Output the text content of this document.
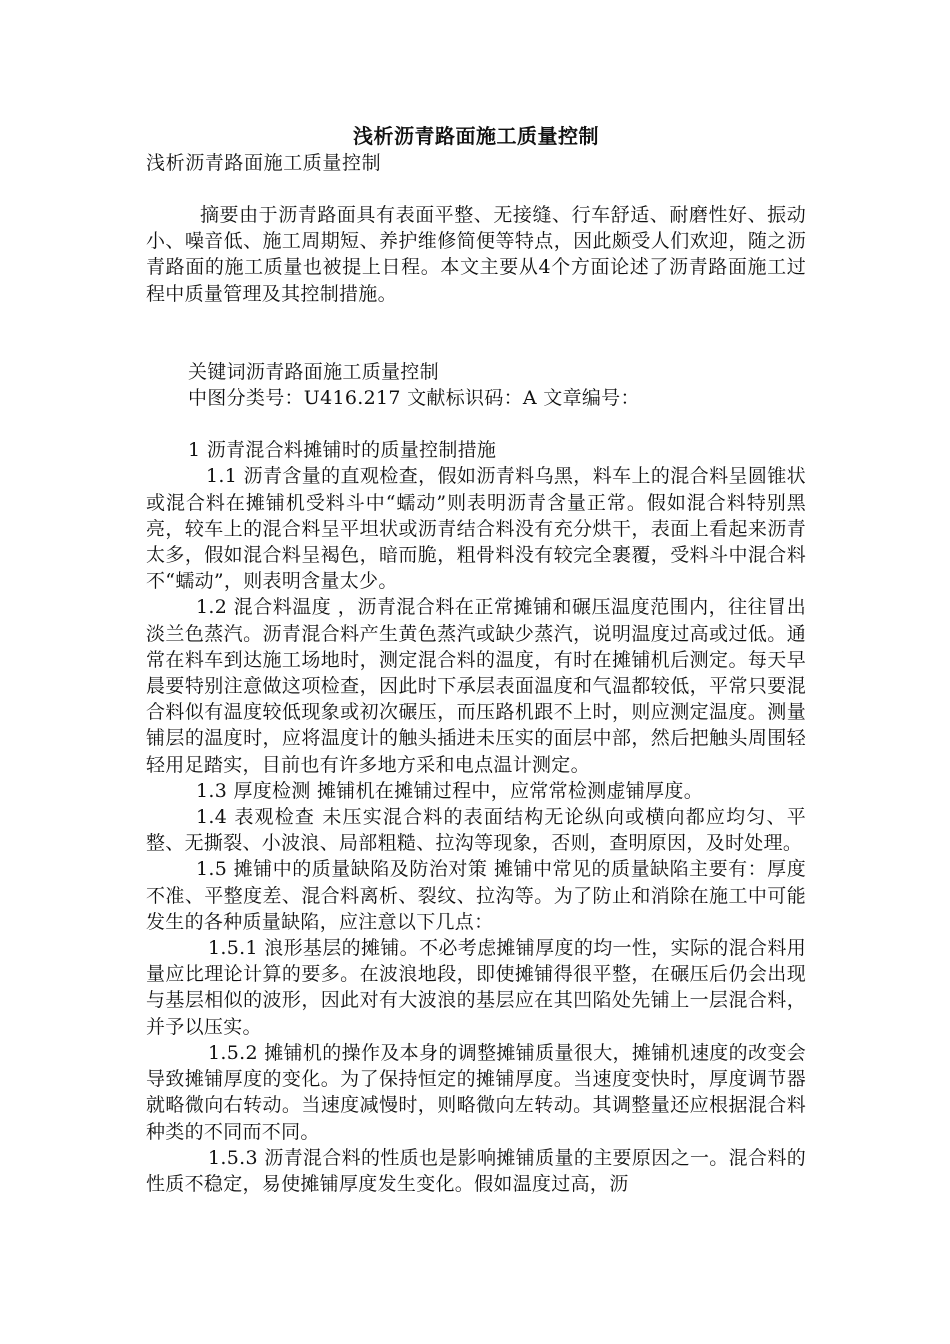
浅析沥青路面施工质量控制

浅析沥青路面施工质量控制

摘要由于沥青路面具有表面平整、无接缝、行车舒适、耐磨性好、振动小、噪音低、施工周期短、养护维修简便等特点，因此颇受人们欢迎，随之沥青路面的施工质量也被提上日程。本文主要从4个方面论述了沥青路面施工过程中质量管理及其控制措施。

关键词沥青路面施工质量控制

中图分类号：U416.217 文献标识码：A 文章编号：

1 沥青混合料摊铺时的质量控制措施

1.1 沥青含量的直观检查，假如沥青料乌黑，料车上的混合料呈圆锥状或混合料在摊铺机受料斗中“蠕动”则表明沥青含量正常。假如混合料特别黑亮，较车上的混合料呈平坦状或沥青结合料没有充分烘干，表面上看起来沥青太多，假如混合料呈褐色，暗而脆，粗骨料没有较完全裹覆，受料斗中混合料不“蠕动”，则表明含量太少。

1.2 混合料温度 ，沥青混合料在正常摊铺和碾压温度范围内，往往冒出淡兰色蒸汽。沥青混合料产生黄色蒸汽或缺少蒸汽，说明温度过高或过低。通常在料车到达施工场地时，测定混合料的温度，有时在摊铺机后测定。每天早晨要特别注意做这项检查，因此时下承层表面温度和气温都较低，平常只要混合料似有温度较低现象或初次碾压，而压路机跟不上时，则应测定温度。测量铺层的温度时，应将温度计的触头插进未压实的面层中部，然后把触头周围轻轻用足踏实，目前也有许多地方采和电点温计测定。

1.3 厚度检测 摊铺机在摊铺过程中，应常常检测虚铺厚度。

1.4 表观检查 未压实混合料的表面结构无论纵向或横向都应均匀、平整、无撕裂、小波浪、局部粗糙、拉沟等现象，否则，查明原因，及时处理。

1.5 摊铺中的质量缺陷及防治对策 摊铺中常见的质量缺陷主要有：厚度不准、平整度差、混合料离析、裂纹、拉沟等。为了防止和消除在施工中可能发生的各种质量缺陷，应注意以下几点：

1.5.1 浪形基层的摊铺。不必考虑摊铺厚度的均一性，实际的混合料用量应比理论计算的要多。在波浪地段，即使摊铺得很平整，在碾压后仍会出现与基层相似的波形，因此对有大波浪的基层应在其凹陷处先铺上一层混合料，并予以压实。

1.5.2 摊铺机的操作及本身的调整摊铺质量很大，摊铺机速度的改变会导致摊铺厚度的变化。为了保持恒定的摊铺厚度。当速度变快时，厚度调节器就略微向右转动。当速度减慢时，则略微向左转动。其调整量还应根据混合料种类的不同而不同。

1.5.3 沥青混合料的性质也是影响摊铺质量的主要原因之一。混合料的性质不稳定，易使摊铺厚度发生变化。假如温度过高，沥
